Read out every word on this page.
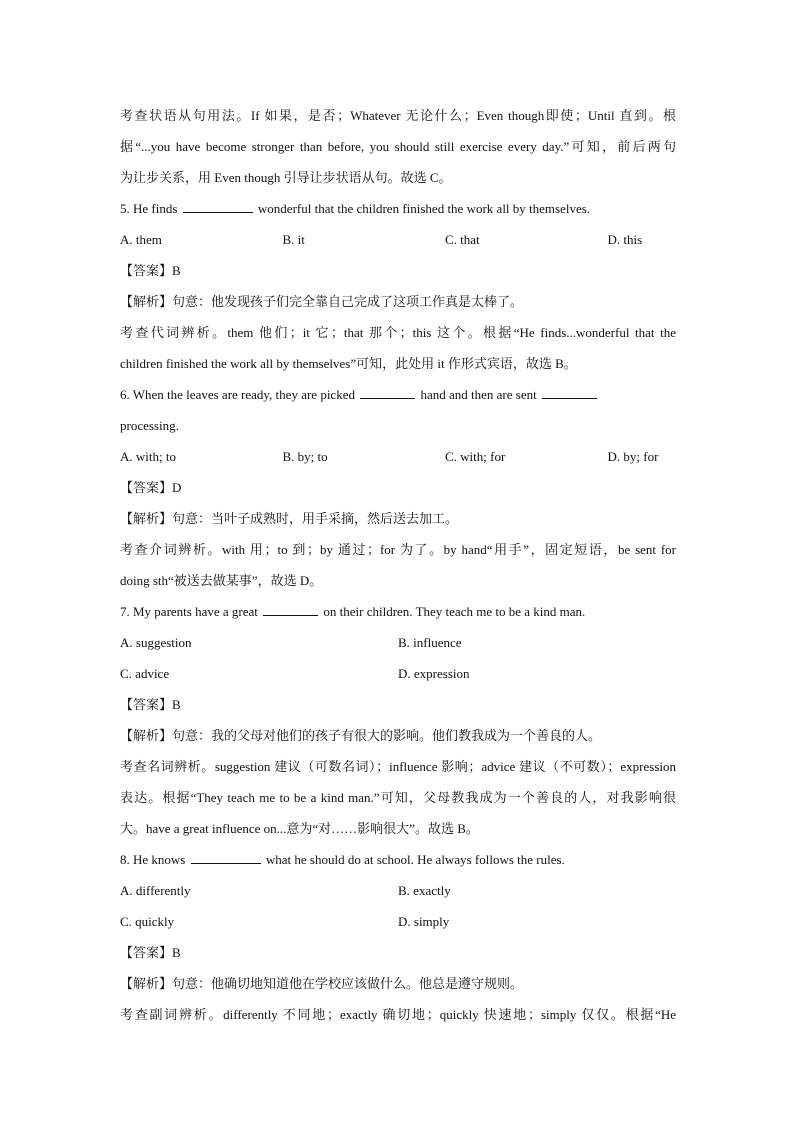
考查状语从句用法。If 如果，是否；Whatever 无论什么；Even though即使；Until 直到。根
据“...you have become stronger than before, you should still exercise every day.”可知，前后两句
为让步关系，用 Even though 引导让步状语从句。故选 C。
5. He finds	wonderful that the children finished the work all by themselves.
A. them	B. it	C. that	D. this
【答案】B
【解析】句意：他发现孩子们完全靠自己完成了这项工作真是太棒了。
考查代词辨析。them 他们；it 它；that 那个；this 这个。根据“He finds...wonderful that the
children finished the work all by themselves”可知，此处用 it 作形式宾语，故选 B。
6. When the leaves are ready, they are picked	hand and then are sent
processing.
A. with; to	B. by; to	C. with; for	D. by; for
【答案】D
【解析】句意：当叶子成熟时，用手采摘，然后送去加工。
考查介词辨析。with 用；to 到；by 通过；for 为了。by hand“用手”，固定短语，be sent for
doing sth“被送去做某事”，故选 D。
7. My parents have a great	on their children. They teach me to be a kind man.
A. suggestion	B. influence
C. advice	D. expression
【答案】B
【解析】句意：我的父母对他们的孩子有很大的影响。他们教我成为一个善良的人。
考查名词辨析。suggestion 建议（可数名词）；influence 影响；advice 建议（不可数）；expression
表达。根据“They teach me to be a kind man.”可知，父母教我成为一个善良的人，对我影响很
大。have a great influence on...意为“对……影响很大”。故选 B。
8. He knows	what he should do at school. He always follows the rules.
A. differently	B. exactly
C. quickly	D. simply
【答案】B
【解析】句意：他确切地知道他在学校应该做什么。他总是遵守规则。
考查副词辨析。differently 不同地；exactly 确切地；quickly 快速地；simply 仅仅。根据“He
